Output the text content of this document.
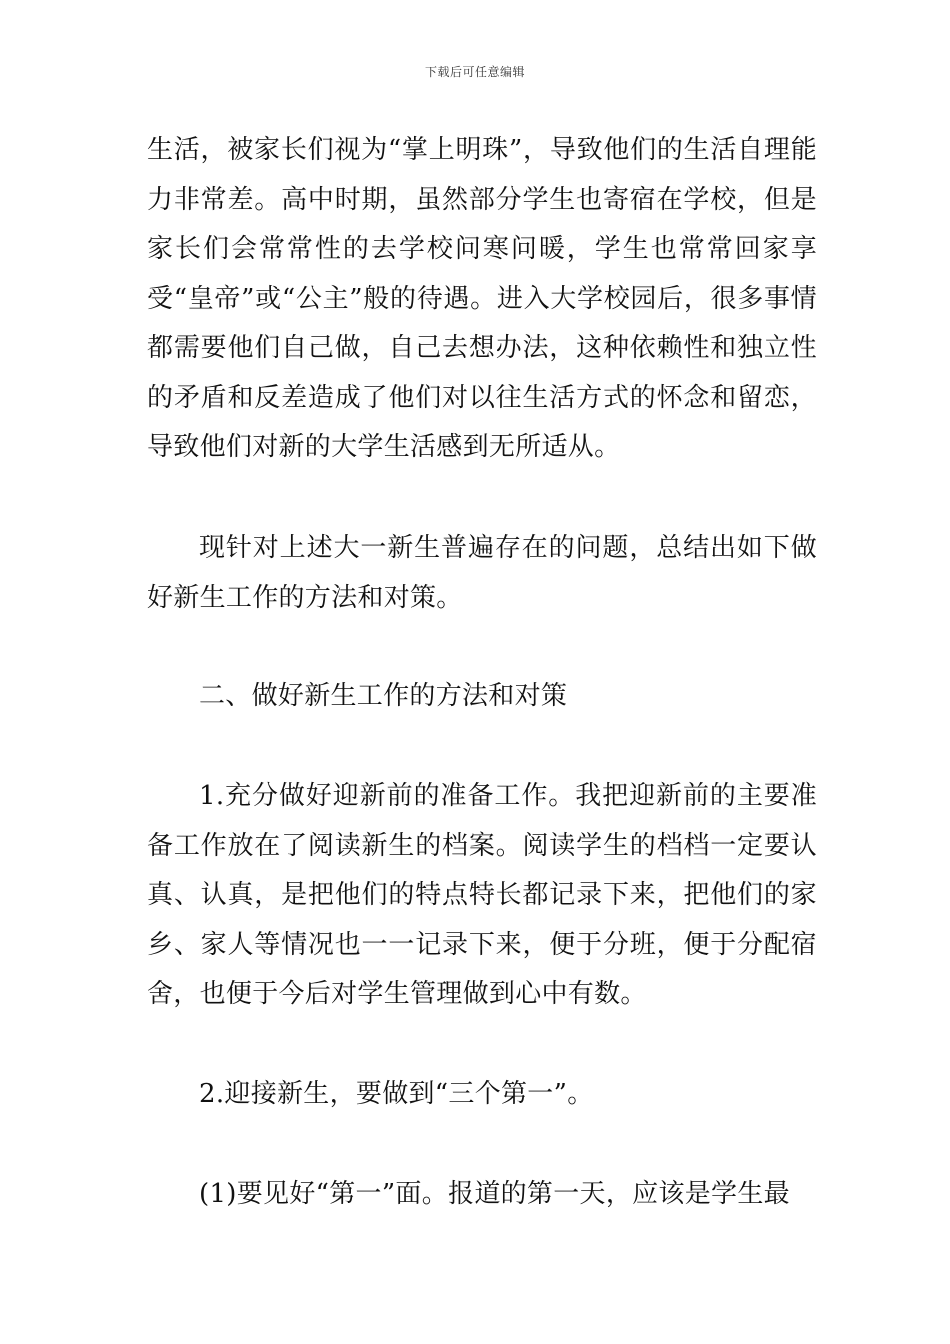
下载后可任意编辑

生活，被家长们视为“掌上明珠”，导致他们的生活自理能力非常差。高中时期，虽然部分学生也寄宿在学校，但是家长们会常常性的去学校问寒问暖，学生也常常回家享受“皇帝”或“公主”般的待遇。进入大学校园后，很多事情都需要他们自己做，自己去想办法，这种依赖性和独立性的矛盾和反差造成了他们对以往生活方式的怀念和留恋，导致他们对新的大学生活感到无所适从。

现针对上述大一新生普遍存在的问题，总结出如下做好新生工作的方法和对策。

二、做好新生工作的方法和对策

1.充分做好迎新前的准备工作。我把迎新前的主要准备工作放在了阅读新生的档案。阅读学生的档档一定要认真、认真，是把他们的特点特长都记录下来，把他们的家乡、家人等情况也一一记录下来，便于分班，便于分配宿舍，也便于今后对学生管理做到心中有数。

2.迎接新生，要做到“三个第一”。

(1)要见好“第一”面。报道的第一天，应该是学生最
